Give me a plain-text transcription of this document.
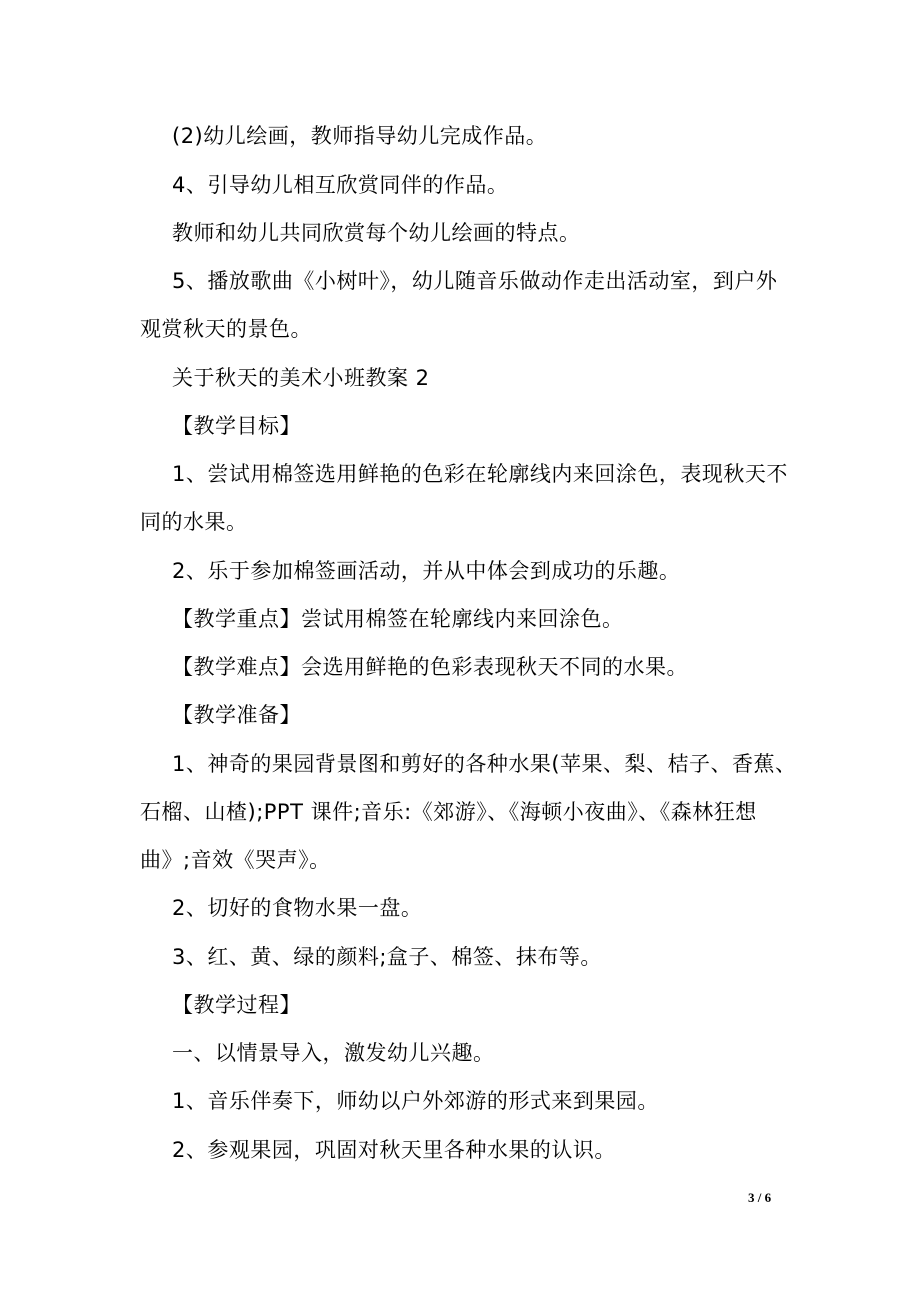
(2)幼儿绘画，教师指导幼儿完成作品。
4、引导幼儿相互欣赏同伴的作品。
教师和幼儿共同欣赏每个幼儿绘画的特点。
5、播放歌曲《小树叶》，幼儿随音乐做动作走出活动室，到户外
观赏秋天的景色。
关于秋天的美术小班教案 2
【教学目标】
1、尝试用棉签选用鲜艳的色彩在轮廓线内来回涂色，表现秋天不
同的水果。
2、乐于参加棉签画活动，并从中体会到成功的乐趣。
【教学重点】尝试用棉签在轮廓线内来回涂色。
【教学难点】会选用鲜艳的色彩表现秋天不同的水果。
【教学准备】
1、神奇的果园背景图和剪好的各种水果(苹果、梨、桔子、香蕉、
石榴、山楂);PPT 课件;音乐:《郊游》、《海顿小夜曲》、《森林狂想
曲》;音效《哭声》。
2、切好的食物水果一盘。
3、红、黄、绿的颜料;盒子、棉签、抹布等。
【教学过程】
一、以情景导入，激发幼儿兴趣。
1、音乐伴奏下，师幼以户外郊游的形式来到果园。
2、参观果园，巩固对秋天里各种水果的认识。
3 / 6
